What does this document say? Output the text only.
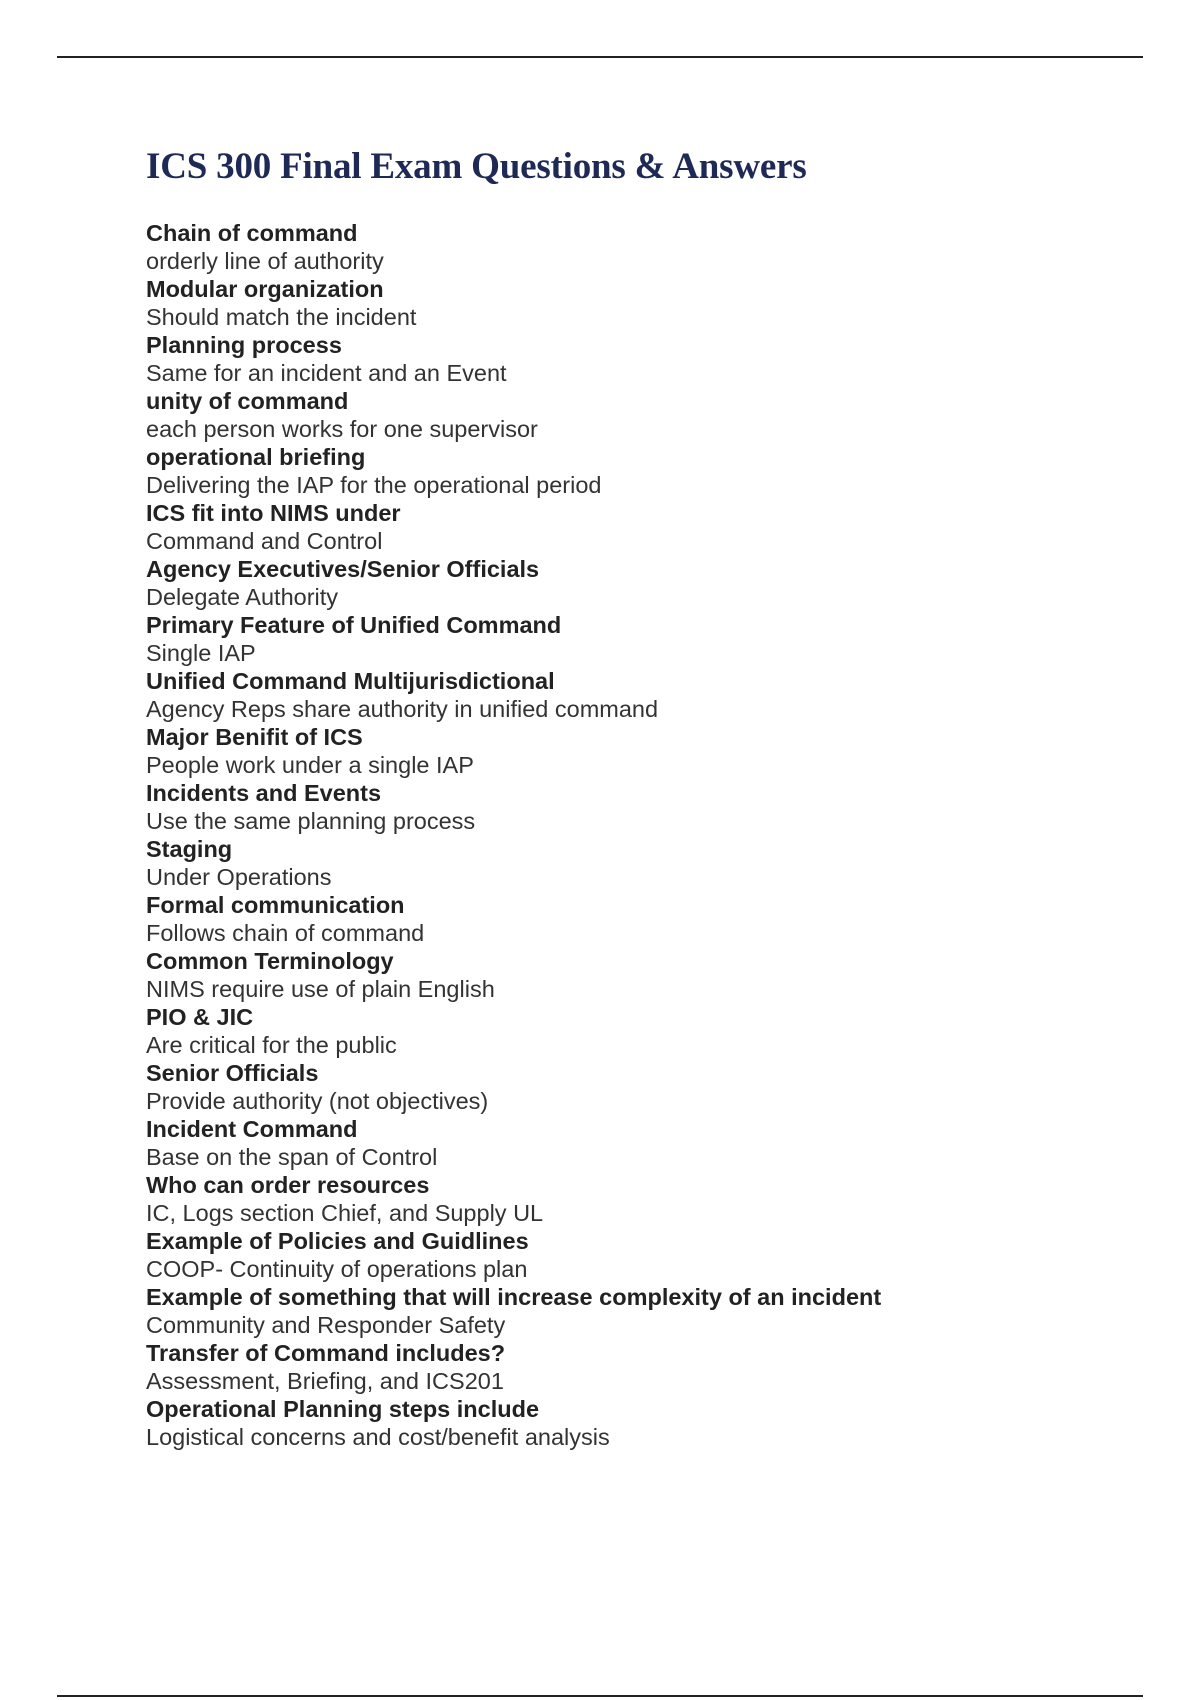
ICS 300 Final Exam Questions & Answers
Chain of command
orderly line of authority
Modular organization
Should match the incident
Planning process
Same for an incident and an Event
unity of command
each person works for one supervisor
operational briefing
Delivering the IAP for the operational period
ICS fit into NIMS under
Command and Control
Agency Executives/Senior Officials
Delegate Authority
Primary Feature of Unified Command
Single IAP
Unified Command Multijurisdictional
Agency Reps share authority in unified command
Major Benifit of ICS
People work under a single IAP
Incidents and Events
Use the same planning process
Staging
Under Operations
Formal communication
Follows chain of command
Common Terminology
NIMS require use of plain English
PIO & JIC
Are critical for the public
Senior Officials
Provide authority (not objectives)
Incident Command
Base on the span of Control
Who can order resources
IC, Logs section Chief, and Supply UL
Example of Policies and Guidlines
COOP- Continuity of operations plan
Example of something that will increase complexity of an incident
Community and Responder Safety
Transfer of Command includes?
Assessment, Briefing, and ICS201
Operational Planning steps include
Logistical concerns and cost/benefit analysis
